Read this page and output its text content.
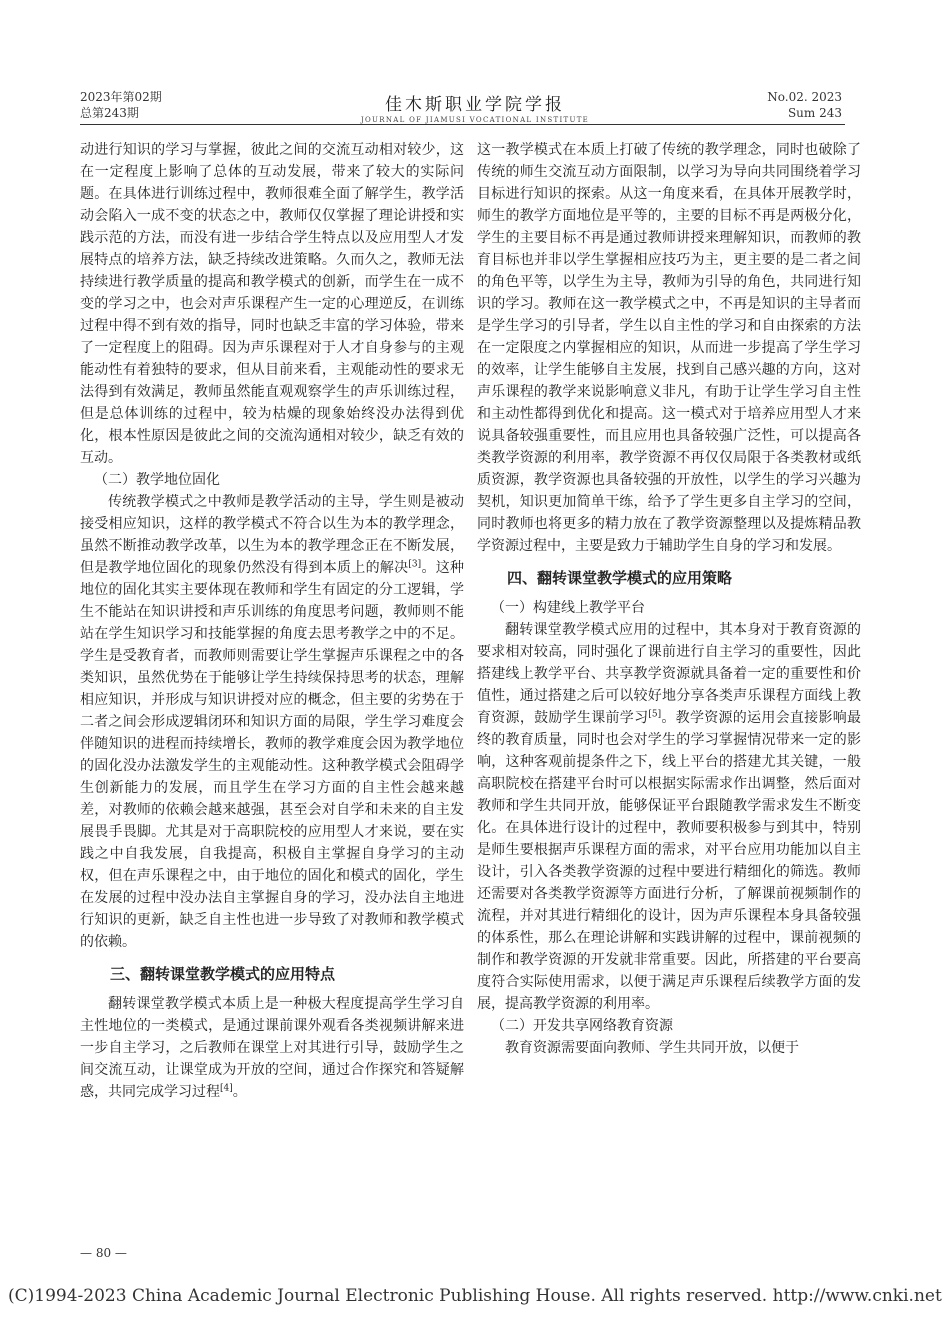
2023年第02期
总第243期	佳木斯职业学院学报
JOURNAL OF JIAMUSI VOCATIONAL INSTITUTE
No.02. 2023
Sum 243

动进行知识的学习与掌握，彼此之间的交流互动相对较少，这在一定程度上影响了总体的互动发展，带来了较大的实际问题。在具体进行训练过程中，教师很难全面了解学生，教学活动会陷入一成不变的状态之中，教师仅仅掌握了理论讲授和实践示范的方法，而没有进一步结合学生特点以及应用型人才发展特点的培养方法，缺乏持续改进策略。久而久之，教师无法持续进行教学质量的提高和教学模式的创新，而学生在一成不变的学习之中，也会对声乐课程产生一定的心理逆反，在训练过程中得不到有效的指导，同时也缺乏丰富的学习体验，带来了一定程度上的阻碍。因为声乐课程对于人才自身参与的主观能动性有着独特的要求，但从目前来看，主观能动性的要求无法得到有效满足，教师虽然能直观观察学生的声乐训练过程，但是总体训练的过程中，较为枯燥的现象始终没办法得到优化，根本性原因是彼此之间的交流沟通相对较少，缺乏有效的互动。

（二）教学地位固化

传统教学模式之中教师是教学活动的主导，学生则是被动接受相应知识，这样的教学模式不符合以生为本的教学理念，虽然不断推动教学改革，以生为本的教学理念正在不断发展，但是教学地位固化的现象仍然没有得到本质上的解决[3]。这种地位的固化其实主要体现在教师和学生有固定的分工逻辑，学生不能站在知识讲授和声乐训练的角度思考问题，教师则不能站在学生知识学习和技能掌握的角度去思考教学之中的不足。学生是受教育者，而教师则需要让学生掌握声乐课程之中的各类知识，虽然优势在于能够让学生持续保持思考的状态，理解相应知识，并形成与知识讲授对应的概念，但主要的劣势在于二者之间会形成逻辑闭环和知识方面的局限，学生学习难度会伴随知识的进程而持续增长，教师的教学难度会因为教学地位的固化没办法激发学生的主观能动性。这种教学模式会阻碍学生创新能力的发展，而且学生在学习方面的自主性会越来越差，对教师的依赖会越来越强，甚至会对自学和未来的自主发展畏手畏脚。尤其是对于高职院校的应用型人才来说，要在实践之中自我发展，自我提高，积极自主掌握自身学习的主动权，但在声乐课程之中，由于地位的固化和模式的固化，学生在发展的过程中没办法自主掌握自身的学习，没办法自主地进行知识的更新，缺乏自主性也进一步导致了对教师和教学模式的依赖。

三、翻转课堂教学模式的应用特点

翻转课堂教学模式本质上是一种极大程度提高学生学习自主性地位的一类模式，是通过课前课外观看各类视频讲解来进一步自主学习，之后教师在课堂上对其进行引导，鼓励学生之间交流互动，让课堂成为开放的空间，通过合作探究和答疑解惑，共同完成学习过程[4]。

这一教学模式在本质上打破了传统的教学理念，同时也破除了传统的师生交流互动方面限制，以学习为导向共同围绕着学习目标进行知识的探索。从这一角度来看，在具体开展教学时，师生的教学方面地位是平等的，主要的目标不再是两极分化，学生的主要目标不再是通过教师讲授来理解知识，而教师的教育目标也并非以学生掌握相应技巧为主，更主要的是二者之间的角色平等，以学生为主导，教师为引导的角色，共同进行知识的学习。教师在这一教学模式之中，不再是知识的主导者而是学生学习的引导者，学生以自主性的学习和自由探索的方法在一定限度之内掌握相应的知识，从而进一步提高了学生学习的效率，让学生能够自主发展，找到自己感兴趣的方向，这对声乐课程的教学来说影响意义非凡，有助于让学生学习自主性和主动性都得到优化和提高。这一模式对于培养应用型人才来说具备较强重要性，而且应用也具备较强广泛性，可以提高各类教学资源的利用率，教学资源不再仅仅局限于各类教材或纸质资源，教学资源也具备较强的开放性，以学生的学习兴趣为契机，知识更加简单干练，给予了学生更多自主学习的空间，同时教师也将更多的精力放在了教学资源整理以及提炼精品教学资源过程中，主要是致力于辅助学生自身的学习和发展。

四、翻转课堂教学模式的应用策略
（一）构建线上教学平台

翻转课堂教学模式应用的过程中，其本身对于教育资源的要求相对较高，同时强化了课前进行自主学习的重要性，因此搭建线上教学平台、共享教学资源就具备着一定的重要性和价值性，通过搭建之后可以较好地分享各类声乐课程方面线上教育资源，鼓励学生课前学习[5]。教学资源的运用会直接影响最终的教育质量，同时也会对学生的学习掌握情况带来一定的影响，这种客观前提条件之下，线上平台的搭建尤其关键，一般高职院校在搭建平台时可以根据实际需求作出调整，然后面对教师和学生共同开放，能够保证平台跟随教学需求发生不断变化。在具体进行设计的过程中，教师要积极参与到其中，特别是师生要根据声乐课程方面的需求，对平台应用功能加以自主设计，引入各类教学资源的过程中要进行精细化的筛选。教师还需要对各类教学资源等方面进行分析，了解课前视频制作的流程，并对其进行精细化的设计，因为声乐课程本身具备较强的体系性，那么在理论讲解和实践讲解的过程中，课前视频的制作和教学资源的开发就非常重要。因此，所搭建的平台要高度符合实际使用需求，以便于满足声乐课程后续教学方面的发展，提高教学资源的利用率。

（二）开发共享网络教育资源

教育资源需要面向教师、学生共同开放，以便于

— 80 —
(C)1994-2023 China Academic Journal Electronic Publishing House. All rights reserved. http://www.cnki.net
